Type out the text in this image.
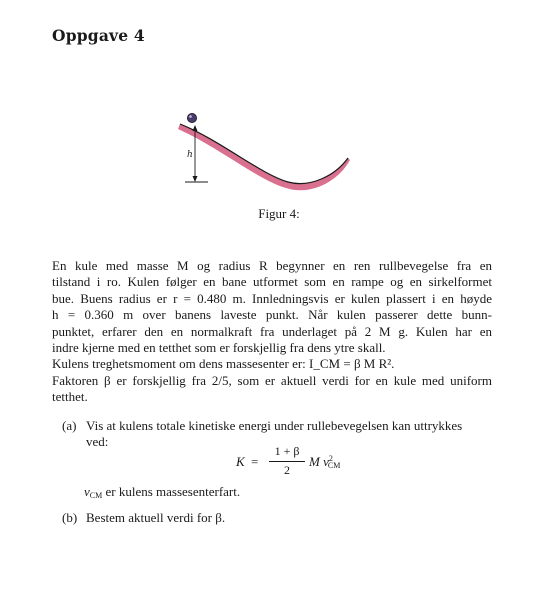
Oppgave 4
h
Figur 4:
En kule med masse M og radius R begynner en ren rullbevegelse fra en
tilstand i ro. Kulen følger en bane utformet som en rampe og en sirkelformet
bue. Buens radius er r = 0.480 m. Innledningsvis er kulen plassert i en høyde
h = 0.360 m over banens laveste punkt. Når kulen passerer dette bunn-
punktet, erfarer den en normalkraft fra underlaget på 2 M g. Kulen har en
indre kjerne med en tetthet som er forskjellig fra dens ytre skall.
Kulens treghetsmoment om dens massesenter er: I_CM = β M R².
Faktoren β er forskjellig fra 2/5, som er aktuell verdi for en kule med uniform
tetthet.
(a) Vis at kulens totale kinetiske energi under rullebevegelsen kan uttrykkes
ved:
K =
1 + β
2
M $v^2_{CM}$
$v_{CM}$ er kulens massesenterfart.
(b) Bestem aktuell verdi for β.
